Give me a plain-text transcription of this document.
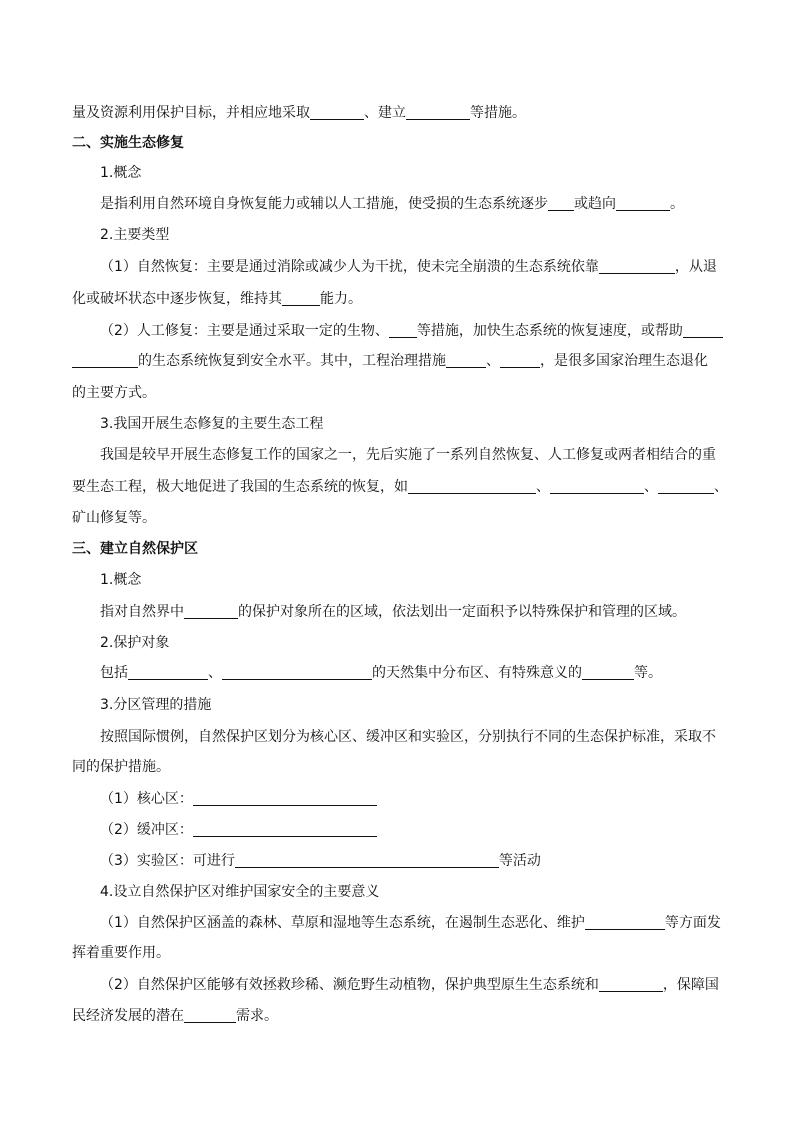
量及资源利用保护目标，并相应地采取	、建立	等措施。
二、实施生态修复
1.概念
是指利用自然环境自身恢复能力或辅以人工措施，使受损的生态系统逐步 或趋向	。
2.主要类型
（1）自然恢复：主要是通过消除或减少人为干扰，使未完全崩溃的生态系统依靠	，从退
化或破坏状态中逐步恢复，维持其	能力。
（2）人工修复：主要是通过采取一定的生物、 等措施，加快生态系统的恢复速度，或帮助
的生态系统恢复到安全水平。其中，工程治理措施	、	，是很多国家治理生态退化
的主要方式。
3.我国开展生态修复的主要生态工程
我国是较早开展生态修复工作的国家之一，先后实施了一系列自然恢复、人工修复或两者相结合的重
要生态工程，极大地促进了我国的生态系统的恢复，如	、	、	、
矿山修复等。
三、建立自然保护区
1.概念
指对自然界中	的保护对象所在的区域，依法划出一定面积予以特殊保护和管理的区域。
2.保护对象
包括	、	的天然集中分布区、有特殊意义的	等。
3.分区管理的措施
按照国际惯例，自然保护区划分为核心区、缓冲区和实验区，分别执行不同的生态保护标准，采取不
同的保护措施。
（1）核心区：
（2）缓冲区：
（3）实验区：可进行	等活动
4.设立自然保护区对维护国家安全的主要意义
（1）自然保护区涵盖的森林、草原和湿地等生态系统，在遏制生态恶化、维护	等方面发
挥着重要作用。
（2）自然保护区能够有效拯救珍稀、濒危野生动植物，保护典型原生生态系统和	，保障国
民经济发展的潜在	需求。
